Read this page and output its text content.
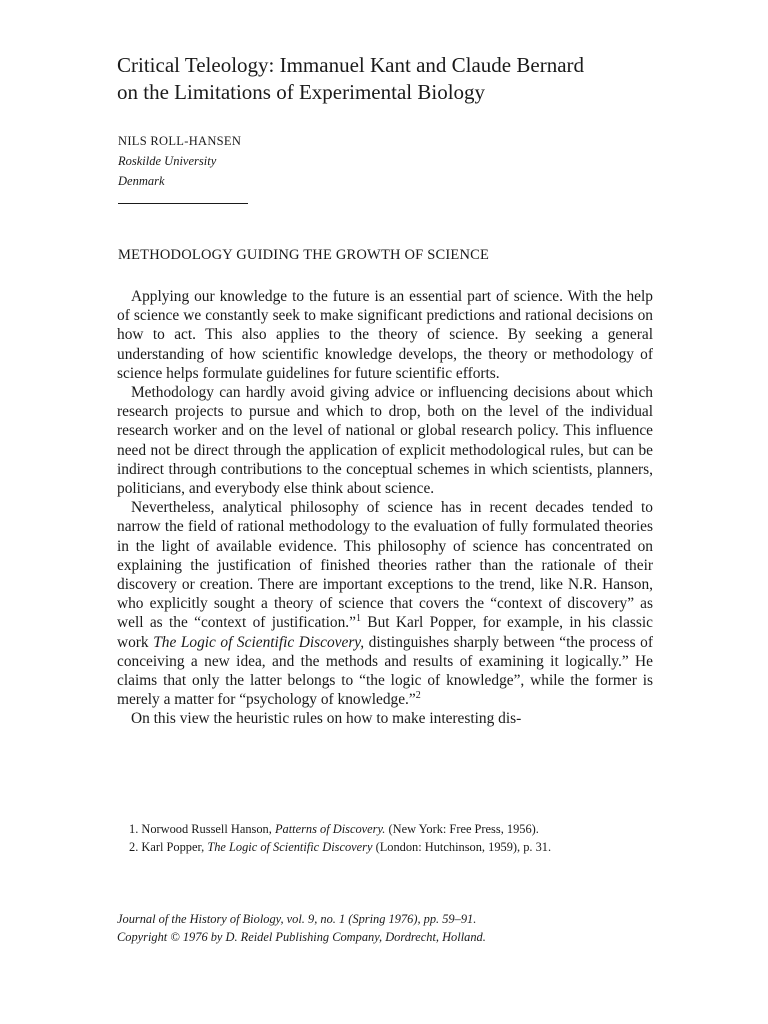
Critical Teleology: Immanuel Kant and Claude Bernard
on the Limitations of Experimental Biology
NILS ROLL-HANSEN
Roskilde University
Denmark
METHODOLOGY GUIDING THE GROWTH OF SCIENCE

Applying our knowledge to the future is an essential part of science. With the help of science we constantly seek to make significant predictions and rational decisions on how to act. This also applies to the theory of science. By seeking a general understanding of how scientific knowledge develops, the theory or methodology of science helps formulate guidelines for future scientific efforts.

Methodology can hardly avoid giving advice or influencing decisions about which research projects to pursue and which to drop, both on the level of the individual research worker and on the level of national or global research policy. This influence need not be direct through the application of explicit methodological rules, but can be indirect through contributions to the conceptual schemes in which scientists, planners, politicians, and everybody else think about science.

Nevertheless, analytical philosophy of science has in recent decades tended to narrow the field of rational methodology to the evaluation of fully formulated theories in the light of available evidence. This philosophy of science has concentrated on explaining the justification of finished theories rather than the rationale of their discovery or creation. There are important exceptions to the trend, like N.R. Hanson, who explicitly sought a theory of science that covers the “context of discovery” as well as the “context of justification.”$^1$ But Karl Popper, for example, in his classic work The Logic of Scientific Discovery, distinguishes sharply between “the process of conceiving a new idea, and the methods and results of examining it logically.” He claims that only the latter belongs to “the logic of knowledge”, while the former is merely a matter for “psychology of knowledge.”$^2$

On this view the heuristic rules on how to make interesting dis-

1. Norwood Russell Hanson, Patterns of Discovery. (New York: Free Press, 1956).

2. Karl Popper, The Logic of Scientific Discovery (London: Hutchinson, 1959), p. 31.

Journal of the History of Biology, vol. 9, no. 1 (Spring 1976), pp. 59–91.
Copyright © 1976 by D. Reidel Publishing Company, Dordrecht, Holland.
